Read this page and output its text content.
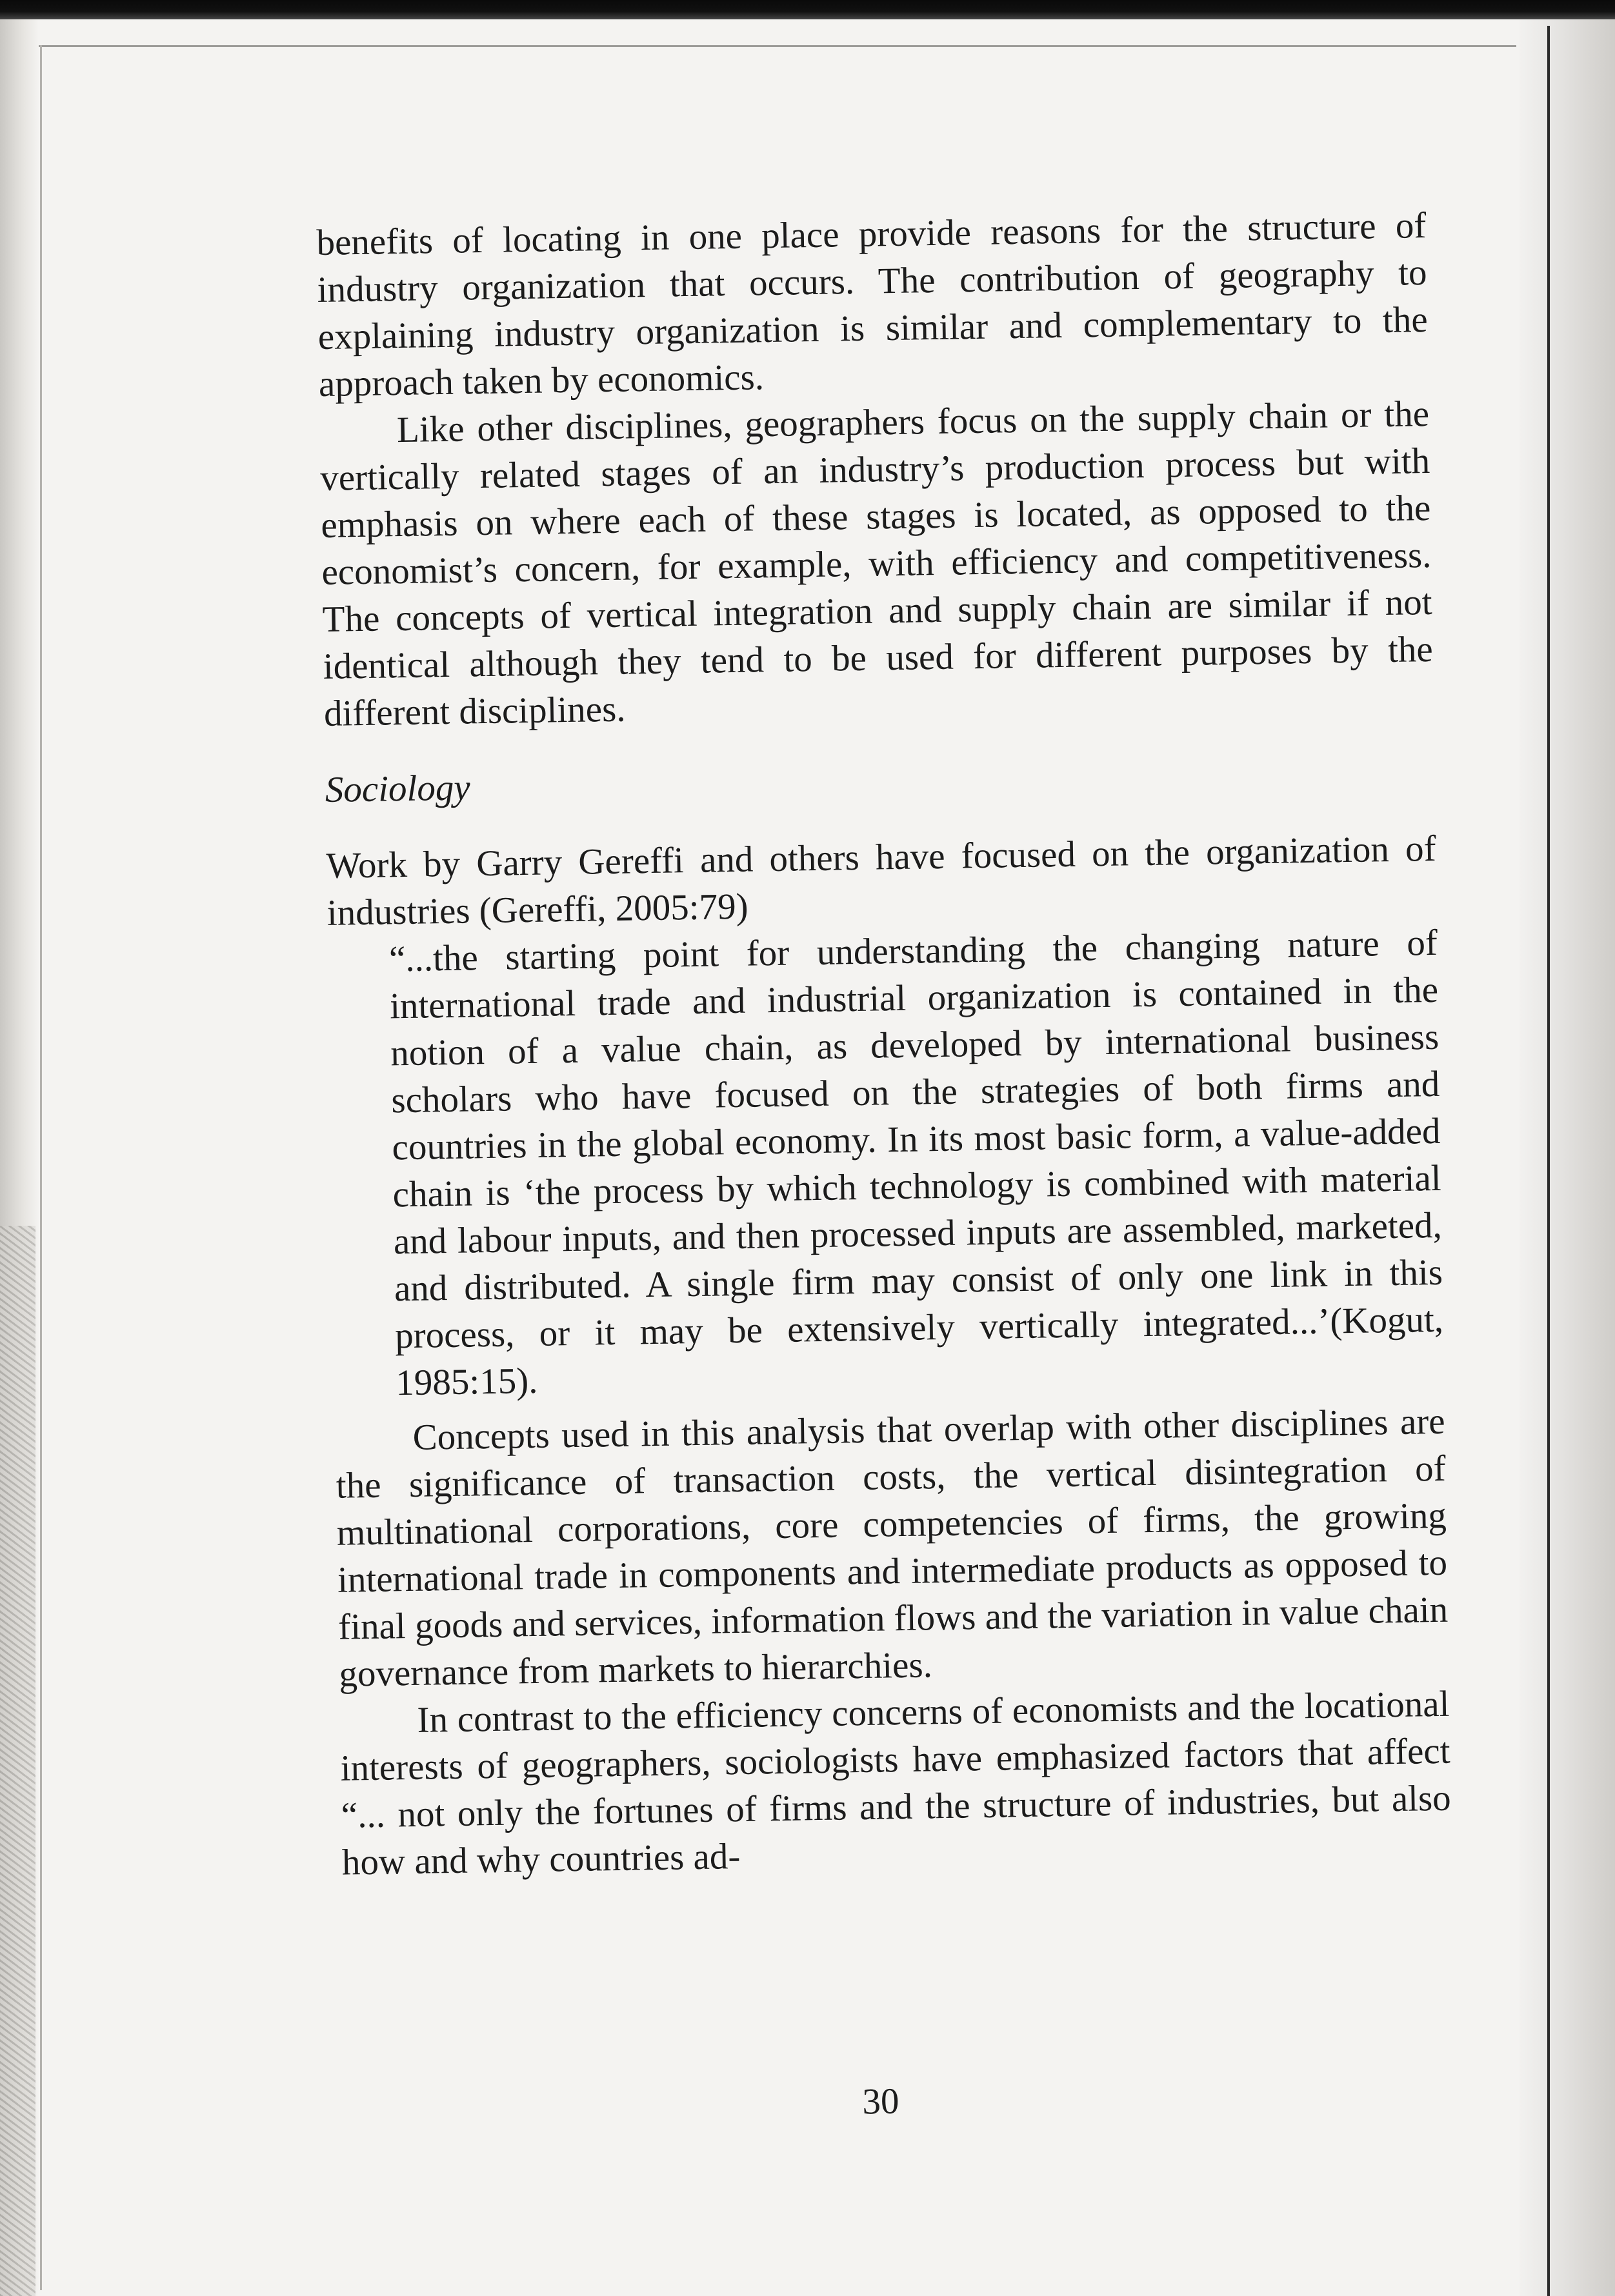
benefits of locating in one place provide reasons for the structure of industry organization that occurs. The contribution of geography to explaining industry organization is similar and complementary to the approach taken by economics.

Like other disciplines, geographers focus on the supply chain or the vertically related stages of an industry’s production process but with emphasis on where each of these stages is located, as opposed to the economist’s concern, for example, with efficiency and competitiveness. The concepts of vertical integration and supply chain are similar if not identical although they tend to be used for different purposes by the different disciplines.

Sociology

Work by Garry Gereffi and others have focused on the organization of industries (Gereffi, 2005:79)

“...the starting point for understanding the changing nature of international trade and industrial organization is contained in the notion of a value chain, as developed by international business scholars who have focused on the strategies of both firms and countries in the global economy. In its most basic form, a value-added chain is ‘the process by which technology is combined with material and labour inputs, and then processed inputs are assembled, marketed, and distributed. A single firm may consist of only one link in this process, or it may be extensively vertically integrated...’(Kogut, 1985:15).

Concepts used in this analysis that overlap with other disciplines are the significance of transaction costs, the vertical disintegration of multinational corporations, core competencies of firms, the growing international trade in components and intermediate products as opposed to final goods and services, information flows and the variation in value chain governance from markets to hierarchies.

In contrast to the efficiency concerns of economists and the locational interests of geographers, sociologists have emphasized factors that affect “... not only the fortunes of firms and the structure of industries, but also how and why countries ad-

30
